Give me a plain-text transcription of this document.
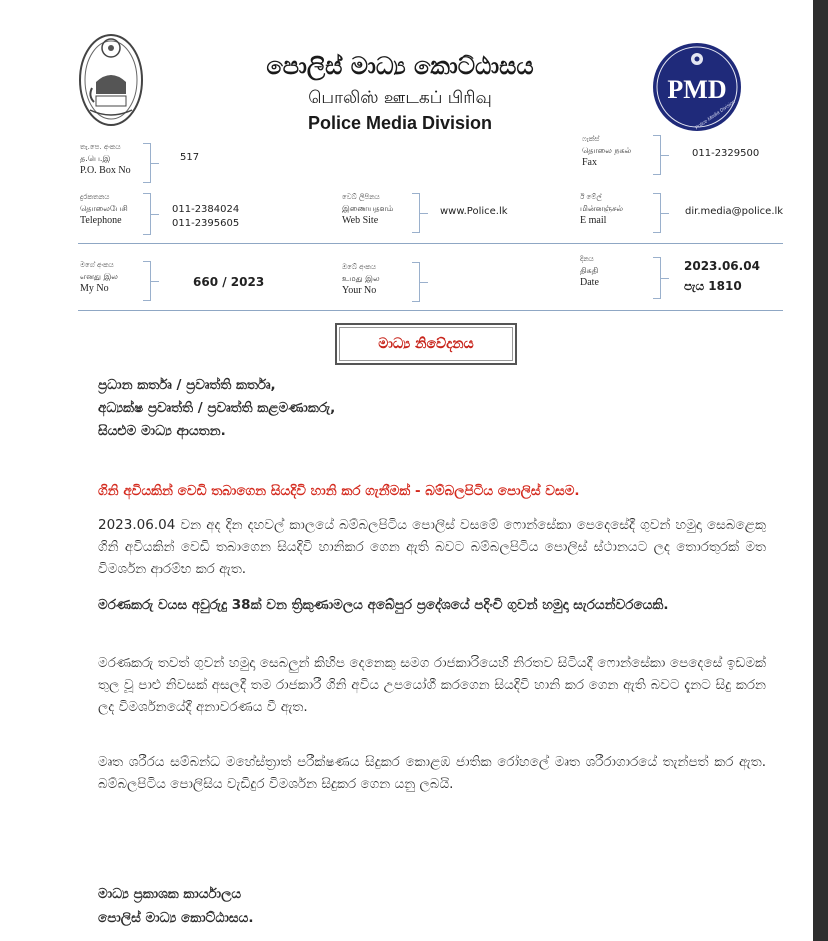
පොලිස් මාධ්‍ය කොට්ඨාසය
பொலிஸ் ஊடகப் பிரிவு
Police Media Division
PMD
Police Media Division
තැ.පෙ. අංකය
த.பெ.இ
P.O. Box No
517
ෆැක්ස්
தொலை நகல்
Fax
011-2329500
දුරකතනය
தொலைபேசி
Telephone
011-2384024
011-2395605
වෙබ් ලිපිනය
இணையதளம்
Web Site
www.Police.lk
ඊ මේල්
மின்னஞ்சல்
E mail
dir.media@police.lk
මගේ අංකය
எனது இல
My No	660 / 2023
ඔබේ අංකය
உமது இல
Your No
දිනය
திகதி
Date
2023.06.04
පැය 1810
මාධ්‍ය නිවේදනය
ප්‍රධාන කර්තෘ / ප්‍රවෘත්ති කර්තෘ,
අධ්‍යක්ෂ ප්‍රවෘත්ති / ප්‍රවෘත්ති කළමණාකරු,
සියළුම මාධ්‍ය ආයතන.
ගිනි අවියකින් වෙඩි තබාගෙන සියදිවි හානි කර ගැනීමක් - බම්බලපිටිය පොලිස් වසම.
2023.06.04 වන අද දින දහවල් කාලයේ බම්බලපිටිය පොලිස් වසමේ ෆොන්සේකා පෙදෙසේදී ගුවන් හමුදා සෙබළෙකු ගිනි අවියකින් වෙඩි තබාගෙන සියදිවි හානිකර ගෙන ඇති බවට බම්බලපිටිය පොලිස් ස්ථානයට ලද තොරතුරක් මත විමර්ශන ආරම්භ කර ඇත.
මරණකරු වයස අවුරුදු 38ක් වන ත්‍රිකුණාමලය අබේපුර ප්‍රදේශයේ පදිංචි ගුවන් හමුදා සැරයන්වරයෙකි.
මරණකරු තවත් ගුවන් හමුදා සෙබලුන් කිහිප දෙනෙකු සමග රාජකාරියෙහි නිරතව සිටියදී ෆොන්සේකා පෙදෙසේ ඉඩමක් තුල වූ පාළු නිවසක් අසලදී තම රාජකාරී ගිනි අවිය උපයෝගී කරගෙන සියදිවි හානි කර ගෙන ඇති බවට දැනට සිදු කරන ලද විමර්ශනයේදී අනාවරණය වී ඇත.
මෘත ශරීරය සම්බන්ධ මහේස්ත්‍රාත් පරීක්ෂණය සිදුකර කොළඹ ජාතික රෝහලේ මෘත ශරීරාගාරයේ තැන්පත් කර ඇත. බම්බලපිටිය පොලිසිය වැඩිදුර විමර්ශන සිදුකර ගෙන යනු ලබයි.
මාධ්‍ය ප්‍රකාශක කාර්යාලය
පොලිස් මාධ්‍ය කොට්ඨාසය.
